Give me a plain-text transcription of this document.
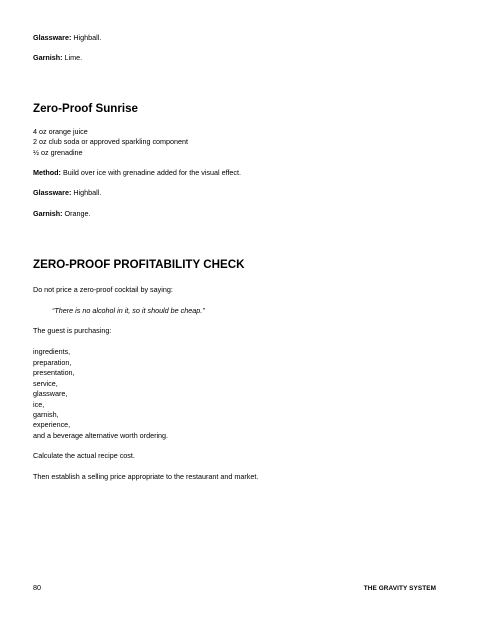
Glassware: Highball.

Garnish: Lime.

Zero-Proof Sunrise

4 oz orange juice

2 oz club soda or approved sparkling component

½ oz grenadine

Method: Build over ice with grenadine added for the visual effect.

Glassware: Highball.

Garnish: Orange.

ZERO-PROOF PROFITABILITY CHECK

Do not price a zero-proof cocktail by saying:

“There is no alcohol in it, so it should be cheap.”

The guest is purchasing:

ingredients,

preparation,

presentation,

service,

glassware,

ice,

garnish,

experience,

and a beverage alternative worth ordering.

Calculate the actual recipe cost.

Then establish a selling price appropriate to the restaurant and market.

80	THE GRAVITY SYSTEM
